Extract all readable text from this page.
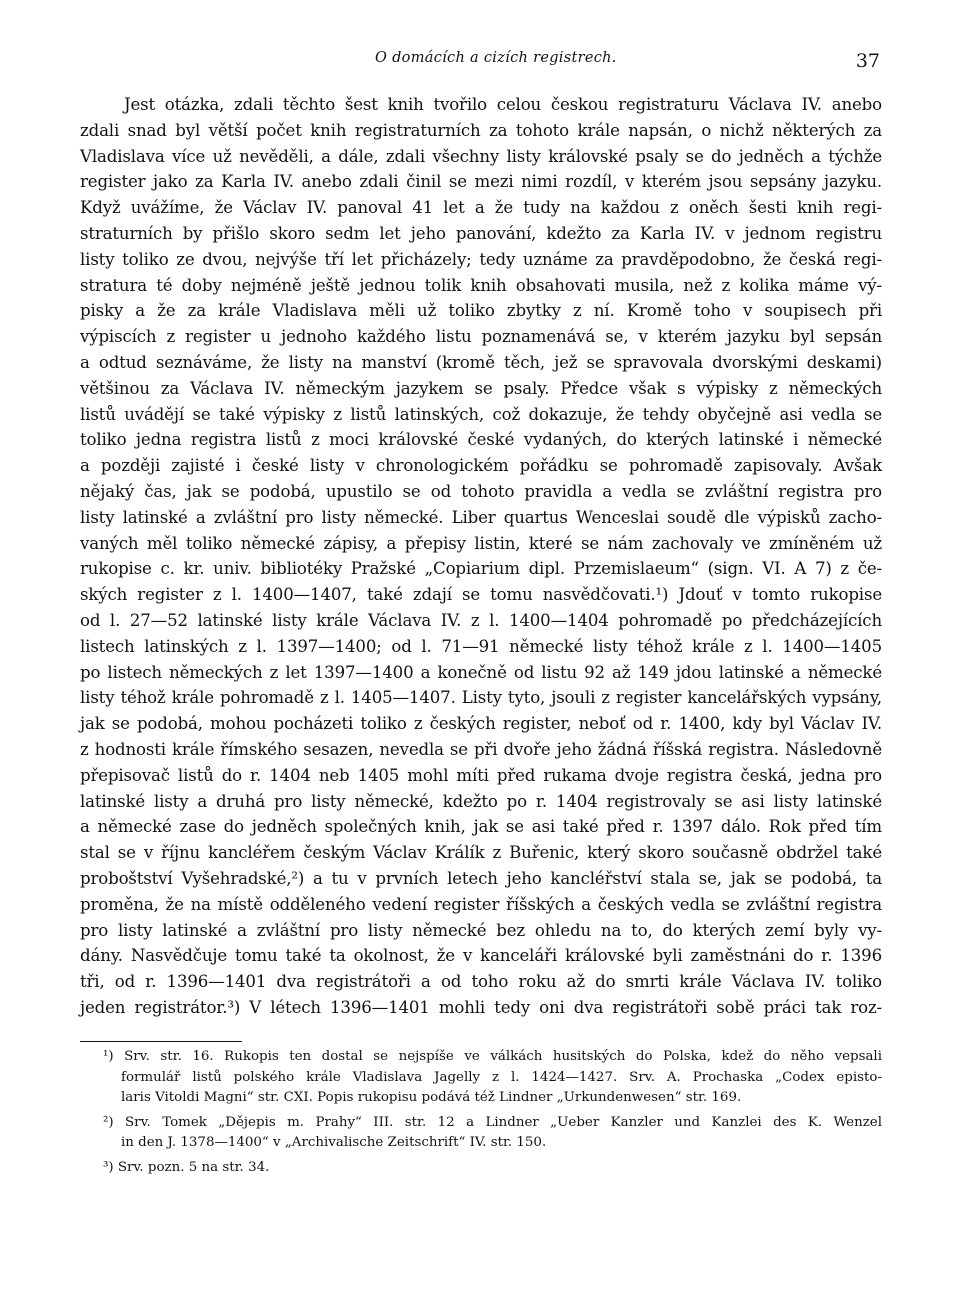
O domácích a cizích registrech.	37
Jest otázka, zdali těchto šest knih tvořilo celou českou registraturu Václava IV. anebo
zdali snad byl větší počet knih registraturních za tohoto krále napsán, o nichž některých za
Vladislava více už nevěděli, a dále, zdali všechny listy královské psaly se do jedněch a týchže
register jako za Karla IV. anebo zdali činil se mezi nimi rozdíl, v kterém jsou sepsány jazyku.
Když uvážíme, že Václav IV. panoval 41 let a že tudy na každou z oněch šesti knih regi-
straturních by přišlo skoro sedm let jeho panování, kdežto za Karla IV. v jednom registru
listy toliko ze dvou, nejvýše tří let přicházely; tedy uznáme za pravděpodobno, že česká regi-
stratura té doby nejméně ještě jednou tolik knih obsahovati musila, než z kolika máme vý-
pisky a že za krále Vladislava měli už toliko zbytky z ní. Kromě toho v soupisech při
výpiscích z register u jednoho každého listu poznamenává se, v kterém jazyku byl sepsán
a odtud seznáváme, že listy na manství (kromě těch, jež se spravovala dvorskými deskami)
většinou za Václava IV. německým jazykem se psaly. Předce však s výpisky z německých
listů uvádějí se také výpisky z listů latinských, což dokazuje, že tehdy obyčejně asi vedla se
toliko jedna registra listů z moci královské české vydaných, do kterých latinské i německé
a později zajisté i české listy v chronologickém pořádku se pohromadě zapisovaly. Avšak
nějaký čas, jak se podobá, upustilo se od tohoto pravidla a vedla se zvláštní registra pro
listy latinské a zvláštní pro listy německé. Liber quartus Wenceslai soudě dle výpisků zacho-
vaných měl toliko německé zápisy, a přepisy listin, které se nám zachovaly ve zmíněném už
rukopise c. kr. univ. bibliotéky Pražské „Copiarium dipl. Przemislaeum“ (sign. VI. A 7) z če-
ských register z l. 1400—1407, také zdají se tomu nasvědčovati.¹) Jdouť v tomto rukopise
od l. 27—52 latinské listy krále Václava IV. z l. 1400—1404 pohromadě po předcházejících
listech latinských z l. 1397—1400; od l. 71—91 německé listy téhož krále z l. 1400—1405
po listech německých z let 1397—1400 a konečně od listu 92 až 149 jdou latinské a německé
listy téhož krále pohromadě z l. 1405—1407. Listy tyto, jsouli z register kancelářských vypsány,
jak se podobá, mohou pocházeti toliko z českých register, neboť od r. 1400, kdy byl Václav IV.
z hodnosti krále římského sesazen, nevedla se při dvoře jeho žádná říšská registra. Následovně
přepisovač listů do r. 1404 neb 1405 mohl míti před rukama dvoje registra česká, jedna pro
latinské listy a druhá pro listy německé, kdežto po r. 1404 registrovaly se asi listy latinské
a německé zase do jedněch společných knih, jak se asi také před r. 1397 dálo. Rok před tím
stal se v říjnu kancléřem českým Václav Králík z Buřenic, který skoro současně obdržel také
proboštství Vyšehradské,²) a tu v prvních letech jeho kancléřství stala se, jak se podobá, ta
proměna, že na místě odděleného vedení register říšských a českých vedla se zvláštní registra
pro listy latinské a zvláštní pro listy německé bez ohledu na to, do kterých zemí byly vy-
dány. Nasvědčuje tomu také ta okolnost, že v kanceláři královské byli zaměstnáni do r. 1396
tři, od r. 1396—1401 dva registrátoři a od toho roku až do smrti krále Václava IV. toliko
jeden registrátor.³) V létech 1396—1401 mohli tedy oni dva registrátoři sobě práci tak roz-
¹) Srv. str. 16. Rukopis ten dostal se nejspíše ve válkách husitských do Polska, kdež do něho vepsali
formulář listů polského krále Vladislava Jagelly z l. 1424—1427. Srv. A. Prochaska „Codex episto-
laris Vitoldi Magni“ str. CXI. Popis rukopisu podává též Lindner „Urkundenwesen“ str. 169.
²) Srv. Tomek „Dějepis m. Prahy“ III. str. 12 a Lindner „Ueber Kanzler und Kanzlei des K. Wenzel
in den J. 1378—1400“ v „Archivalische Zeitschrift“ IV. str. 150.
³) Srv. pozn. 5 na str. 34.
